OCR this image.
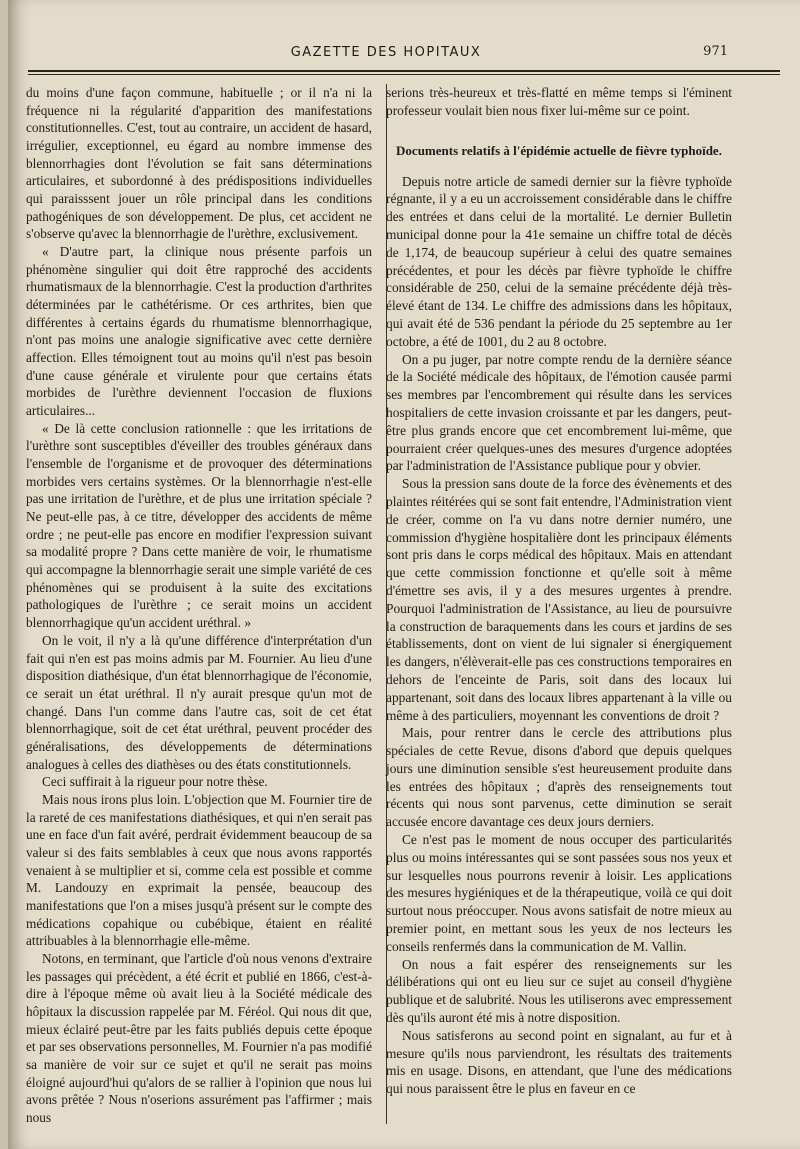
GAZETTE DES HOPITAUX	971

du moins d'une façon commune, habituelle ; or il n'a ni la fréquence ni la régularité d'apparition des manifestations constitutionnelles. C'est, tout au contraire, un accident de hasard, irrégulier, exceptionnel, eu égard au nombre immense des blennorrhagies dont l'évolution se fait sans déterminations articulaires, et subordonné à des prédispositions individuelles qui paraisssent jouer un rôle principal dans les conditions pathogéniques de son développement. De plus, cet accident ne s'observe qu'avec la blennorrhagie de l'urèthre, exclusivement.

« D'autre part, la clinique nous présente parfois un phénomène singulier qui doit être rapproché des accidents rhumatismaux de la blennorrhagie. C'est la production d'arthrites déterminées par le cathétérisme. Or ces arthrites, bien que différentes à certains égards du rhumatisme blennorrhagique, n'ont pas moins une analogie significative avec cette dernière affection. Elles témoignent tout au moins qu'il n'est pas besoin d'une cause générale et virulente pour que certains états morbides de l'urèthre deviennent l'occasion de fluxions articulaires...

« De là cette conclusion rationnelle : que les irritations de l'urèthre sont susceptibles d'éveiller des troubles généraux dans l'ensemble de l'organisme et de provoquer des déterminations morbides vers certains systèmes. Or la blennorrhagie n'est-elle pas une irritation de l'urèthre, et de plus une irritation spéciale ? Ne peut-elle pas, à ce titre, développer des accidents de même ordre ; ne peut-elle pas encore en modifier l'expression suivant sa modalité propre ? Dans cette manière de voir, le rhumatisme qui accompagne la blennorrhagie serait une simple variété de ces phénomènes qui se produisent à la suite des excitations pathologiques de l'urèthre ; ce serait moins un accident blennorrhagique qu'un accident uréthral. »

On le voit, il n'y a là qu'une différence d'interprétation d'un fait qui n'en est pas moins admis par M. Fournier. Au lieu d'une disposition diathésique, d'un état blennorrhagique de l'économie, ce serait un état uréthral. Il n'y aurait presque qu'un mot de changé. Dans l'un comme dans l'autre cas, soit de cet état blennorrhagique, soit de cet état uréthral, peuvent procéder des généralisations, des développements de déterminations analogues à celles des diathèses ou des états constitutionnels.

Ceci suffirait à la rigueur pour notre thèse.

Mais nous irons plus loin. L'objection que M. Fournier tire de la rareté de ces manifestations diathésiques, et qui n'en serait pas une en face d'un fait avéré, perdrait évidemment beaucoup de sa valeur si des faits semblables à ceux que nous avons rapportés venaient à se multiplier et si, comme cela est possible et comme M. Landouzy en exprimait la pensée, beaucoup des manifestations que l'on a mises jusqu'à présent sur le compte des médications copahique ou cubébique, étaient en réalité attribuables à la blennorrhagie elle-même.

Notons, en terminant, que l'article d'où nous venons d'extraire les passages qui précèdent, a été écrit et publié en 1866, c'est-à-dire à l'époque même où avait lieu à la Société médicale des hôpitaux la discussion rappelée par M. Féréol. Qui nous dit que, mieux éclairé peut-être par les faits publiés depuis cette époque et par ses observations personnelles, M. Fournier n'a pas modifié sa manière de voir sur ce sujet et qu'il ne serait pas moins éloigné aujourd'hui qu'alors de se rallier à l'opinion que nous lui avons prêtée ? Nous n'oserions assurément pas l'affirmer ; mais nous

serions très-heureux et très-flatté en même temps si l'éminent professeur voulait bien nous fixer lui-même sur ce point.

Documents relatifs à l'épidémie actuelle de fièvre typhoïde.

Depuis notre article de samedi dernier sur la fièvre typhoïde régnante, il y a eu un accroissement considérable dans le chiffre des entrées et dans celui de la mortalité. Le dernier Bulletin municipal donne pour la 41e semaine un chiffre total de décès de 1,174, de beaucoup supérieur à celui des quatre semaines précédentes, et pour les décès par fièvre typhoïde le chiffre considérable de 250, celui de la semaine précédente déjà très-élevé étant de 134. Le chiffre des admissions dans les hôpitaux, qui avait été de 536 pendant la période du 25 septembre au 1er octobre, a été de 1001, du 2 au 8 octobre.

On a pu juger, par notre compte rendu de la dernière séance de la Société médicale des hôpitaux, de l'émotion causée parmi ses membres par l'encombrement qui résulte dans les services hospitaliers de cette invasion croissante et par les dangers, peut-être plus grands encore que cet encombrement lui-même, que pourraient créer quelques-unes des mesures d'urgence adoptées par l'administration de l'Assistance publique pour y obvier.

Sous la pression sans doute de la force des évènements et des plaintes réitérées qui se sont fait entendre, l'Administration vient de créer, comme on l'a vu dans notre dernier numéro, une commission d'hygiène hospitalière dont les principaux éléments sont pris dans le corps médical des hôpitaux. Mais en attendant que cette commission fonctionne et qu'elle soit à même d'émettre ses avis, il y a des mesures urgentes à prendre. Pourquoi l'administration de l'Assistance, au lieu de poursuivre la construction de baraquements dans les cours et jardins de ses établissements, dont on vient de lui signaler si énergiquement les dangers, n'élèverait-elle pas ces constructions temporaires en dehors de l'enceinte de Paris, soit dans des locaux lui appartenant, soit dans des locaux libres appartenant à la ville ou même à des particuliers, moyennant les conventions de droit ?

Mais, pour rentrer dans le cercle des attributions plus spéciales de cette Revue, disons d'abord que depuis quelques jours une diminution sensible s'est heureusement produite dans les entrées des hôpitaux ; d'après des renseignements tout récents qui nous sont parvenus, cette diminution se serait accusée encore davantage ces deux jours derniers.

Ce n'est pas le moment de nous occuper des particularités plus ou moins intéressantes qui se sont passées sous nos yeux et sur lesquelles nous pourrons revenir à loisir. Les applications des mesures hygiéniques et de la thérapeutique, voilà ce qui doit surtout nous préoccuper. Nous avons satisfait de notre mieux au premier point, en mettant sous les yeux de nos lecteurs les conseils renfermés dans la communication de M. Vallin.

On nous a fait espérer des renseignements sur les délibérations qui ont eu lieu sur ce sujet au conseil d'hygiène publique et de salubrité. Nous les utiliserons avec empressement dès qu'ils auront été mis à notre disposition.

Nous satisferons au second point en signalant, au fur et à mesure qu'ils nous parviendront, les résultats des traitements mis en usage. Disons, en attendant, que l'une des médications qui nous paraissent être le plus en faveur en ce
